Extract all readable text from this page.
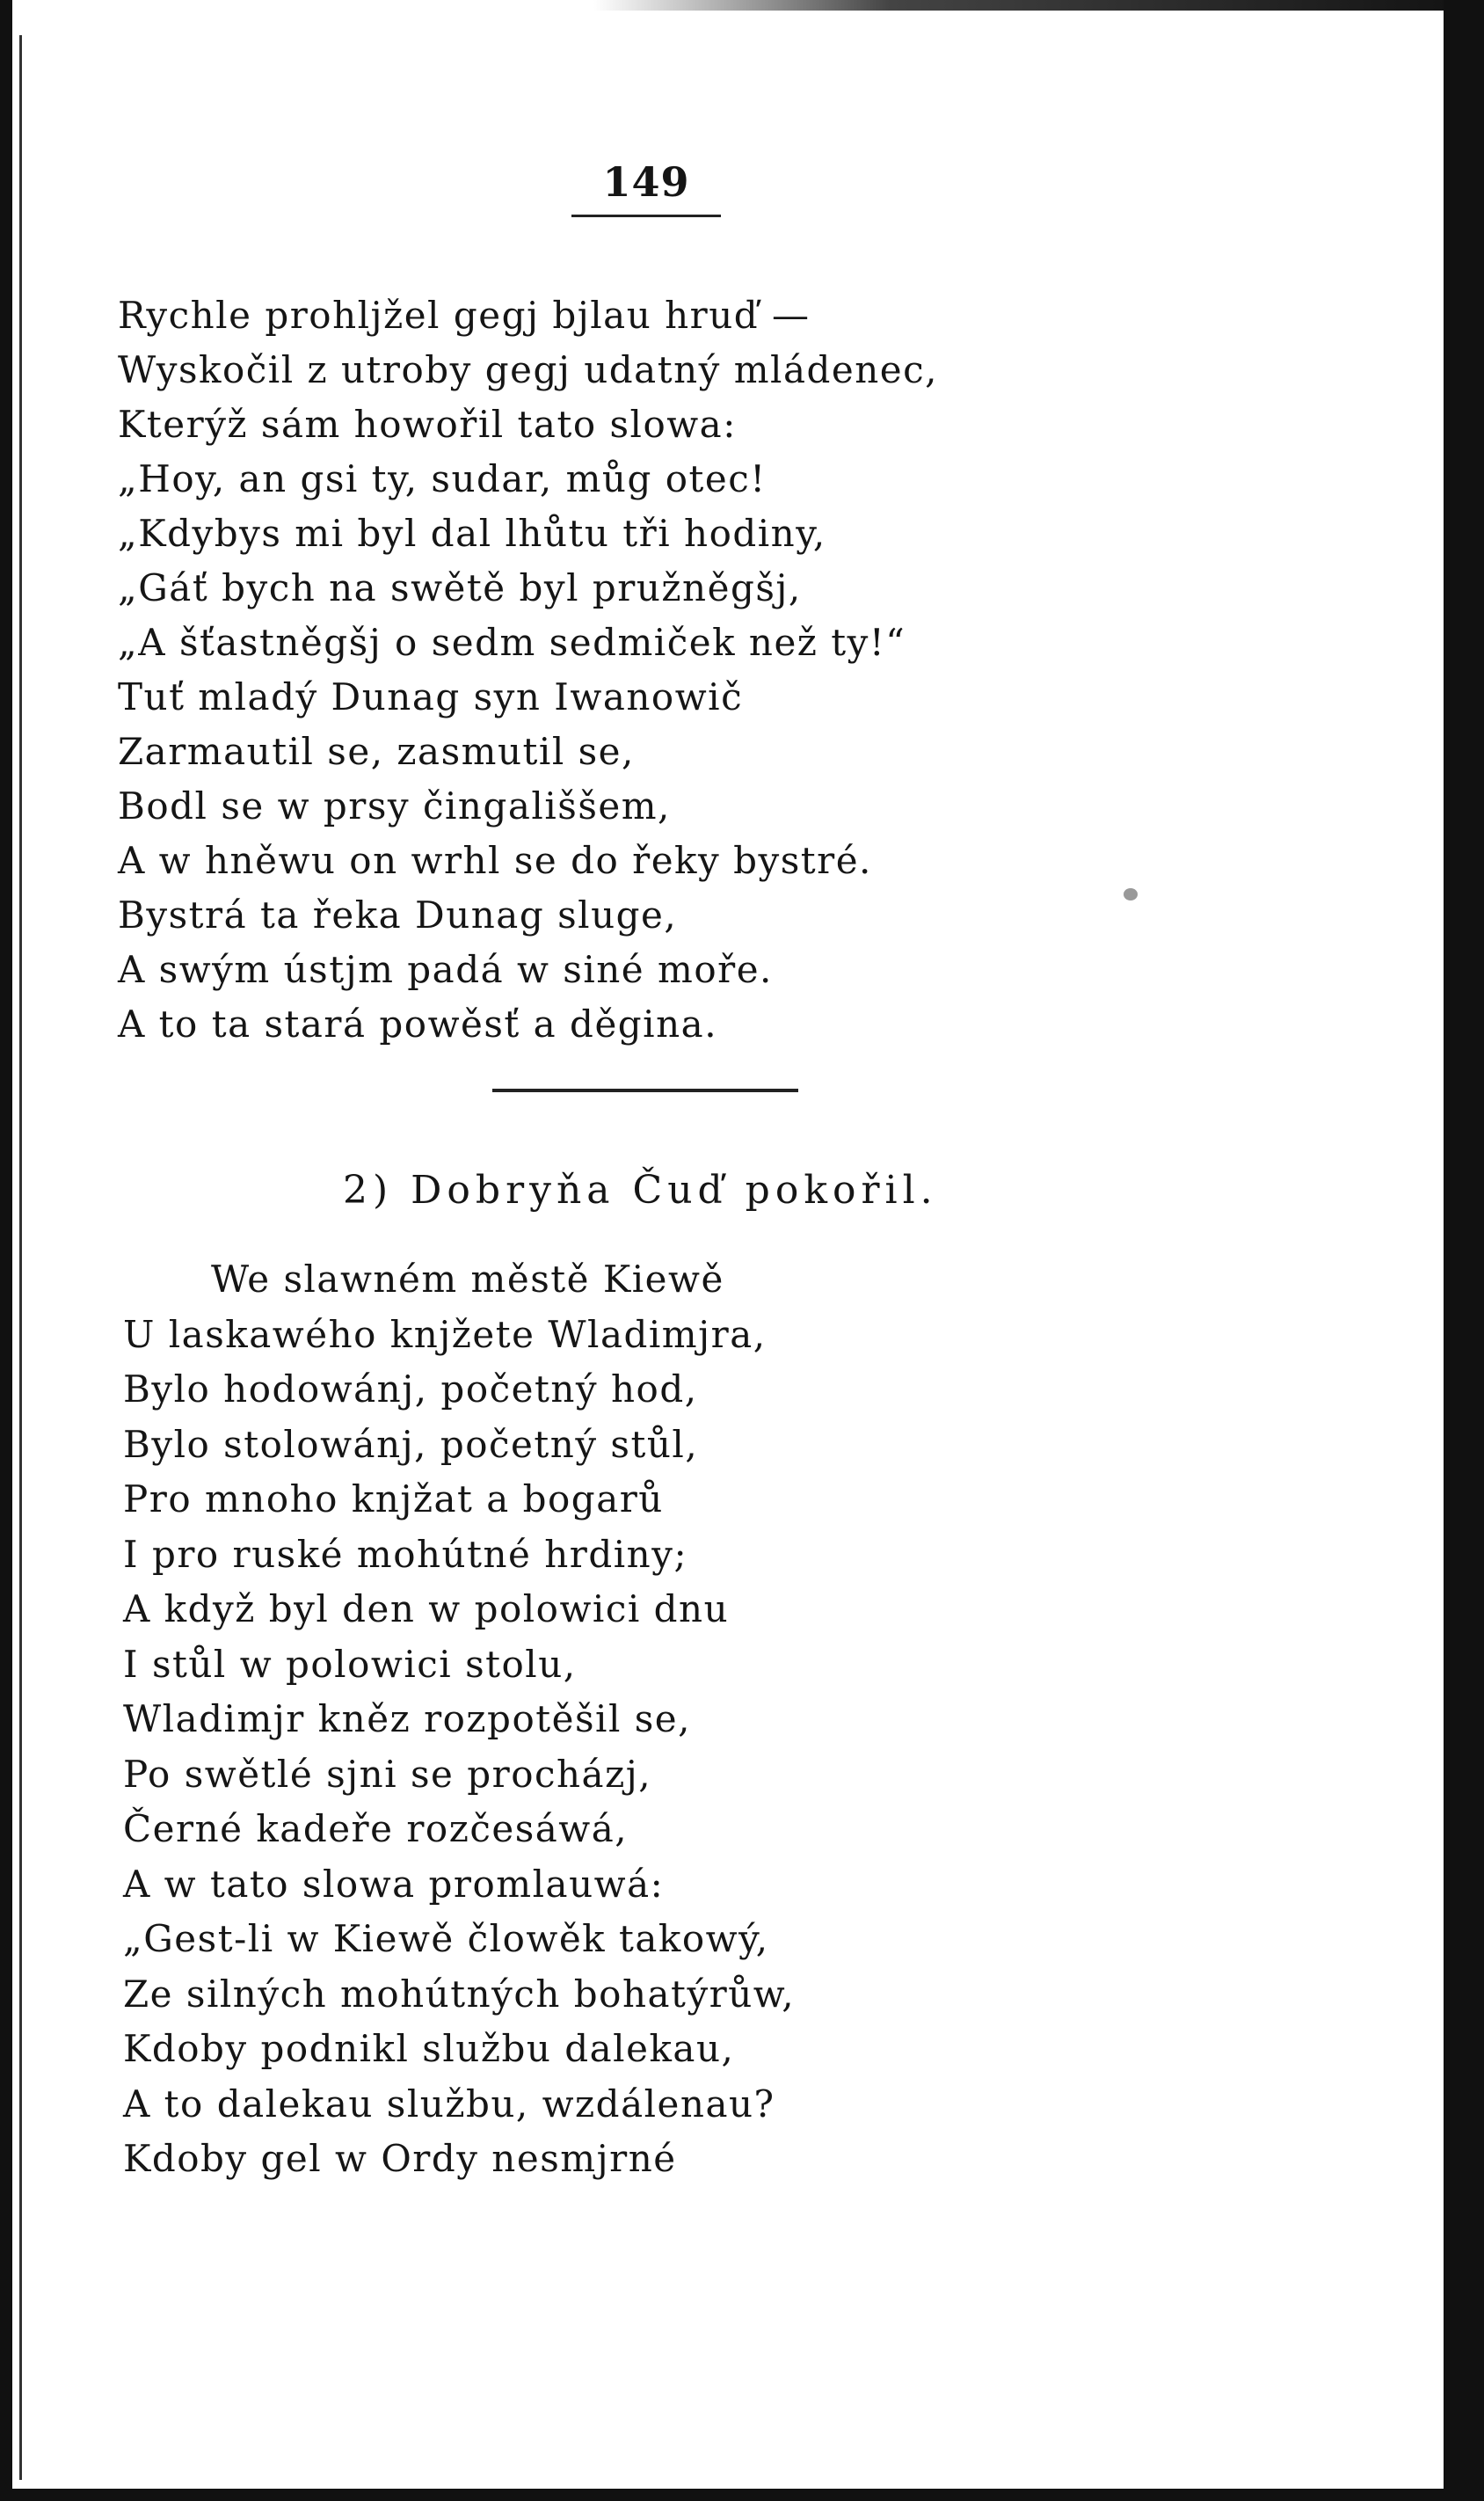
149
Rychle prohljžel gegj bjlau hruď —
Wyskočil z utroby gegj udatný mládenec,
Kterýž sám howořil tato slowa:
„Hoy, an gsi ty, sudar, můg otec!
„Kdybys mi byl dal lhůtu tři hodiny,
„Gáť bych na swětě byl pružněgšj,
„A šťastněgšj o sedm sedmiček než ty!“
Tuť mladý Dunag syn Iwanowič
Zarmautil se, zasmutil se,
Bodl se w prsy čingališšem,
A w hněwu on wrhl se do řeky bystré.
Bystrá ta řeka Dunag sluge,
A swým ústjm padá w siné moře.
A to ta stará powěsť a děgina.
2) Dobryňa Čuď pokořil.
We slawném městě Kiewě
U laskawého knjžete Wladimjra,
Bylo hodowánj, početný hod,
Bylo stolowánj, početný stůl,
Pro mnoho knjžat a bogarů
I pro ruské mohútné hrdiny;
A když byl den w polowici dnu
I stůl w polowici stolu,
Wladimjr kněz rozpotěšil se,
Po swětlé sjni se procházj,
Černé kadeře rozčesáwá,
A w tato slowa promlauwá:
„Gest-li w Kiewě člowěk takowý,
Ze silných mohútných bohatýrůw,
Kdoby podnikl službu dalekau,
A to dalekau službu, wzdálenau?
Kdoby gel w Ordy nesmjrné
